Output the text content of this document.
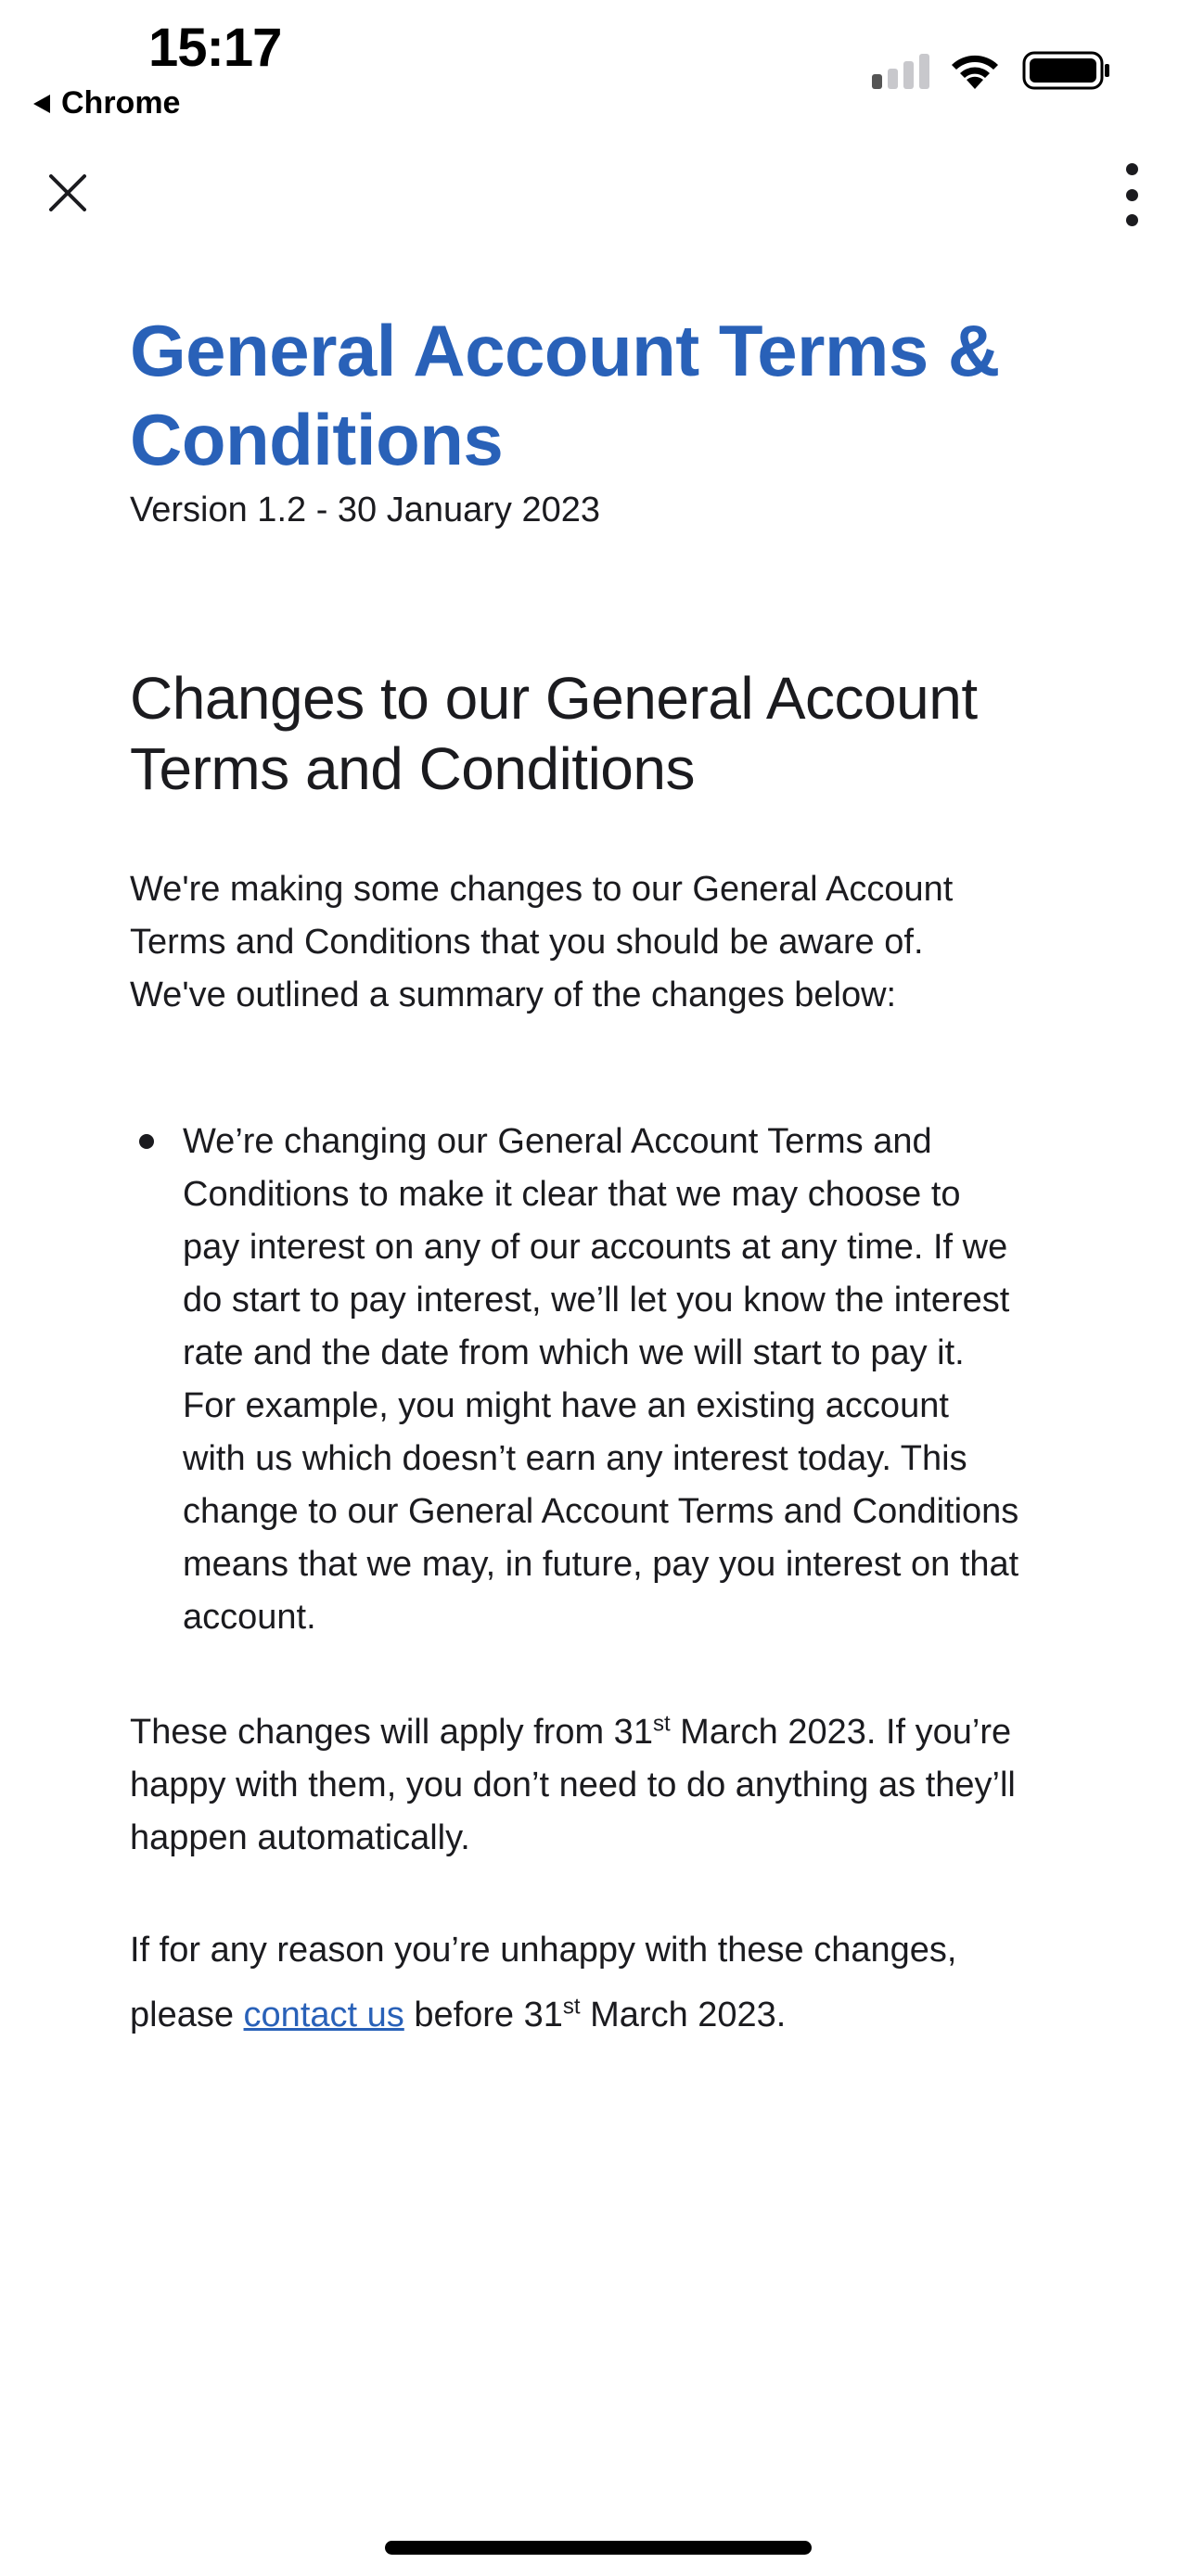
15:17
Chrome
General Account Terms & Conditions

Version 1.2 - 30 January 2023

Changes to our General Account Terms and Conditions

We're making some changes to our General Account Terms and Conditions that you should be aware of. We've outlined a summary of the changes below:

We’re changing our General Account Terms and Conditions to make it clear that we may choose to pay interest on any of our accounts at any time. If we do start to pay interest, we’ll let you know the interest rate and the date from which we will start to pay it. For example, you might have an existing account with us which doesn’t earn any interest today. This change to our General Account Terms and Conditions means that we may, in future, pay you interest on that account.

These changes will apply from 31st March 2023. If you’re happy with them, you don’t need to do anything as they’ll happen automatically.

If for any reason you’re unhappy with these changes, please contact us before 31st March 2023.
